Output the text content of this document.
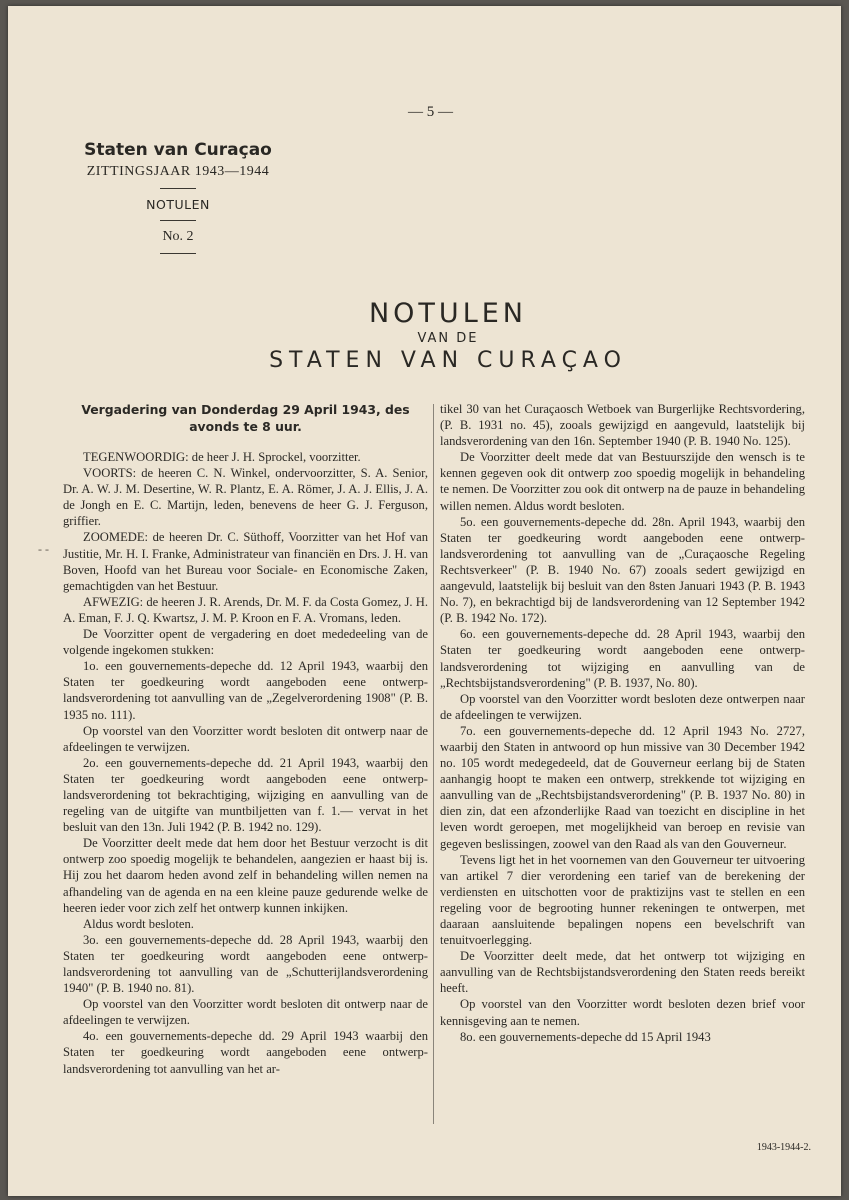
— 5 —
Staten van Curaçao
ZITTINGSJAAR 1943—1944
NOTULEN
No. 2
NOTULEN
VAN DE
STATEN VAN CURAÇAO
- -

Vergadering van Donderdag 29 April 1943, des avonds te 8 uur.

TEGENWOORDIG: de heer J. H. Sprockel, voorzitter.

VOORTS: de heeren C. N. Winkel, ondervoorzitter, S. A. Senior, Dr. A. W. J. M. Desertine, W. R. Plantz, E. A. Römer, J. A. J. Ellis, J. A. de Jongh en E. C. Martijn, leden, benevens de heer G. J. Ferguson, griffier.

ZOOMEDE: de heeren Dr. C. Süthoff, Voorzitter van het Hof van Justitie, Mr. H. I. Franke, Administrateur van financiën en Drs. J. H. van Boven, Hoofd van het Bureau voor Sociale- en Economische Zaken, gemachtigden van het Bestuur.

AFWEZIG: de heeren J. R. Arends, Dr. M. F. da Costa Gomez, J. H. A. Eman, F. J. Q. Kwartsz, J. M. P. Kroon en F. A. Vromans, leden.

De Voorzitter opent de vergadering en doet mededeeling van de volgende ingekomen stukken:

1o. een gouvernements-depeche dd. 12 April 1943, waarbij den Staten ter goedkeuring wordt aangeboden eene ontwerp-landsverordening tot aanvulling van de „Zegelverordening 1908" (P. B. 1935 no. 111).

Op voorstel van den Voorzitter wordt besloten dit ontwerp naar de afdeelingen te verwijzen.

2o. een gouvernements-depeche dd. 21 April 1943, waarbij den Staten ter goedkeuring wordt aangeboden eene ontwerp-landsverordening tot bekrachtiging, wijziging en aanvulling van de regeling van de uitgifte van muntbiljetten van f. 1.— vervat in het besluit van den 13n. Juli 1942 (P. B. 1942 no. 129).

De Voorzitter deelt mede dat hem door het Bestuur verzocht is dit ontwerp zoo spoedig mogelijk te behandelen, aangezien er haast bij is. Hij zou het daarom heden avond zelf in behandeling willen nemen na afhandeling van de agenda en na een kleine pauze gedurende welke de heeren ieder voor zich zelf het ontwerp kunnen inkijken.

Aldus wordt besloten.

3o. een gouvernements-depeche dd. 28 April 1943, waarbij den Staten ter goedkeuring wordt aangeboden eene ontwerp-landsverordening tot aanvulling van de „Schutterijlandsverordening 1940" (P. B. 1940 no. 81).

Op voorstel van den Voorzitter wordt besloten dit ontwerp naar de afdeelingen te verwijzen.

4o. een gouvernements-depeche dd. 29 April 1943 waarbij den Staten ter goedkeuring wordt aangeboden eene ontwerp-landsverordening tot aanvulling van het ar-

tikel 30 van het Curaçaosch Wetboek van Burgerlijke Rechtsvordering, (P. B. 1931 no. 45), zooals gewijzigd en aangevuld, laatstelijk bij landsverordening van den 16n. September 1940 (P. B. 1940 No. 125).

De Voorzitter deelt mede dat van Bestuurszijde den wensch is te kennen gegeven ook dit ontwerp zoo spoedig mogelijk in behandeling te nemen. De Voorzitter zou ook dit ontwerp na de pauze in behandeling willen nemen. Aldus wordt besloten.

5o. een gouvernements-depeche dd. 28n. April 1943, waarbij den Staten ter goedkeuring wordt aangeboden eene ontwerp-landsverordening tot aanvulling van de „Curaçaosche Regeling Rechtsverkeer" (P. B. 1940 No. 67) zooals sedert gewijzigd en aangevuld, laatstelijk bij besluit van den 8sten Januari 1943 (P. B. 1943 No. 7), en bekrachtigd bij de landsverordening van 12 September 1942 (P. B. 1942 No. 172).

6o. een gouvernements-depeche dd. 28 April 1943, waarbij den Staten ter goedkeuring wordt aangeboden eene ontwerp-landsverordening tot wijziging en aanvulling van de „Rechtsbijstandsverordening" (P. B. 1937, No. 80).

Op voorstel van den Voorzitter wordt besloten deze ontwerpen naar de afdeelingen te verwijzen.

7o. een gouvernements-depeche dd. 12 April 1943 No. 2727, waarbij den Staten in antwoord op hun missive van 30 December 1942 no. 105 wordt medegedeeld, dat de Gouverneur eerlang bij de Staten aanhangig hoopt te maken een ontwerp, strekkende tot wijziging en aanvulling van de „Rechtsbijstandsverordening" (P. B. 1937 No. 80) in dien zin, dat een afzonderlijke Raad van toezicht en discipline in het leven wordt geroepen, met mogelijkheid van beroep en revisie van gegeven beslissingen, zoowel van den Raad als van den Gouverneur.

Tevens ligt het in het voornemen van den Gouverneur ter uitvoering van artikel 7 dier verordening een tarief van de berekening der verdiensten en uitschotten voor de praktizijns vast te stellen en een regeling voor de begrooting hunner rekeningen te ontwerpen, met daaraan aansluitende bepalingen nopens een bevelschrift van tenuitvoerlegging.

De Voorzitter deelt mede, dat het ontwerp tot wijziging en aanvulling van de Rechtsbijstandsverordening den Staten reeds bereikt heeft.

Op voorstel van den Voorzitter wordt besloten dezen brief voor kennisgeving aan te nemen.

8o. een gouvernements-depeche dd 15 April 1943

1943-1944-2.
